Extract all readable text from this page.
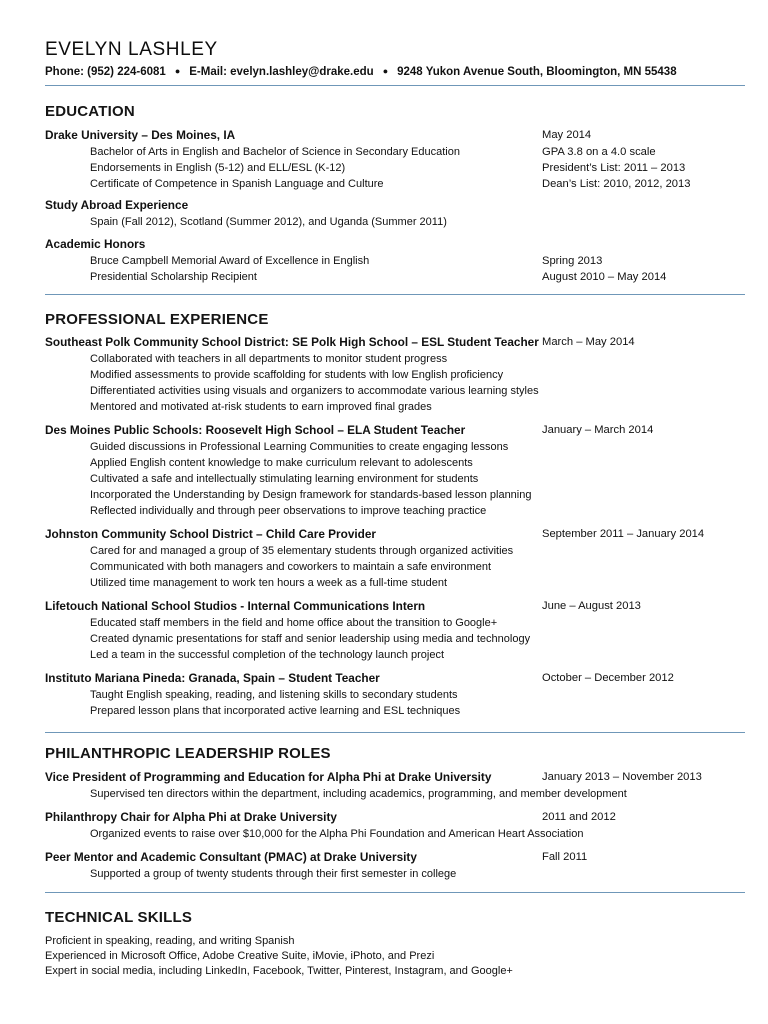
EVELYN LASHLEY
Phone: (952) 224-6081 ● E-Mail: evelyn.lashley@drake.edu ● 9248 Yukon Avenue South, Bloomington, MN 55438
EDUCATION
Drake University – Des Moines, IA	May 2014
Bachelor of Arts in English and Bachelor of Science in Secondary Education	GPA 3.8 on a 4.0 scale
Endorsements in English (5-12) and ELL/ESL (K-12)	President’s List: 2011 – 2013
Certificate of Competence in Spanish Language and Culture	Dean’s List: 2010, 2012, 2013
Study Abroad Experience
Spain (Fall 2012), Scotland (Summer 2012), and Uganda (Summer 2011)
Academic Honors
Bruce Campbell Memorial Award of Excellence in English	Spring 2013
Presidential Scholarship Recipient	August 2010 – May 2014
PROFESSIONAL EXPERIENCE
Southeast Polk Community School District: SE Polk High School – ESL Student Teacher March – May 2014
Collaborated with teachers in all departments to monitor student progress
Modified assessments to provide scaffolding for students with low English proficiency
Differentiated activities using visuals and organizers to accommodate various learning styles
Mentored and motivated at-risk students to earn improved final grades
Des Moines Public Schools: Roosevelt High School – ELA Student Teacher	January – March 2014
Guided discussions in Professional Learning Communities to create engaging lessons
Applied English content knowledge to make curriculum relevant to adolescents
Cultivated a safe and intellectually stimulating learning environment for students
Incorporated the Understanding by Design framework for standards-based lesson planning
Reflected individually and through peer observations to improve teaching practice
Johnston Community School District – Child Care Provider	September 2011 – January 2014
Cared for and managed a group of 35 elementary students through organized activities
Communicated with both managers and coworkers to maintain a safe environment
Utilized time management to work ten hours a week as a full-time student
Lifetouch National School Studios - Internal Communications Intern	June – August 2013
Educated staff members in the field and home office about the transition to Google+
Created dynamic presentations for staff and senior leadership using media and technology
Led a team in the successful completion of the technology launch project
Instituto Mariana Pineda: Granada, Spain – Student Teacher	October – December 2012
Taught English speaking, reading, and listening skills to secondary students
Prepared lesson plans that incorporated active learning and ESL techniques
PHILANTHROPIC LEADERSHIP ROLES
Vice President of Programming and Education for Alpha Phi at Drake University	January 2013 – November 2013
Supervised ten directors within the department, including academics, programming, and member development
Philanthropy Chair for Alpha Phi at Drake University	2011 and 2012
Organized events to raise over $10,000 for the Alpha Phi Foundation and American Heart Association
Peer Mentor and Academic Consultant (PMAC) at Drake University	Fall 2011
Supported a group of twenty students through their first semester in college
TECHNICAL SKILLS
Proficient in speaking, reading, and writing Spanish
Experienced in Microsoft Office, Adobe Creative Suite, iMovie, iPhoto, and Prezi
Expert in social media, including LinkedIn, Facebook, Twitter, Pinterest, Instagram, and Google+
